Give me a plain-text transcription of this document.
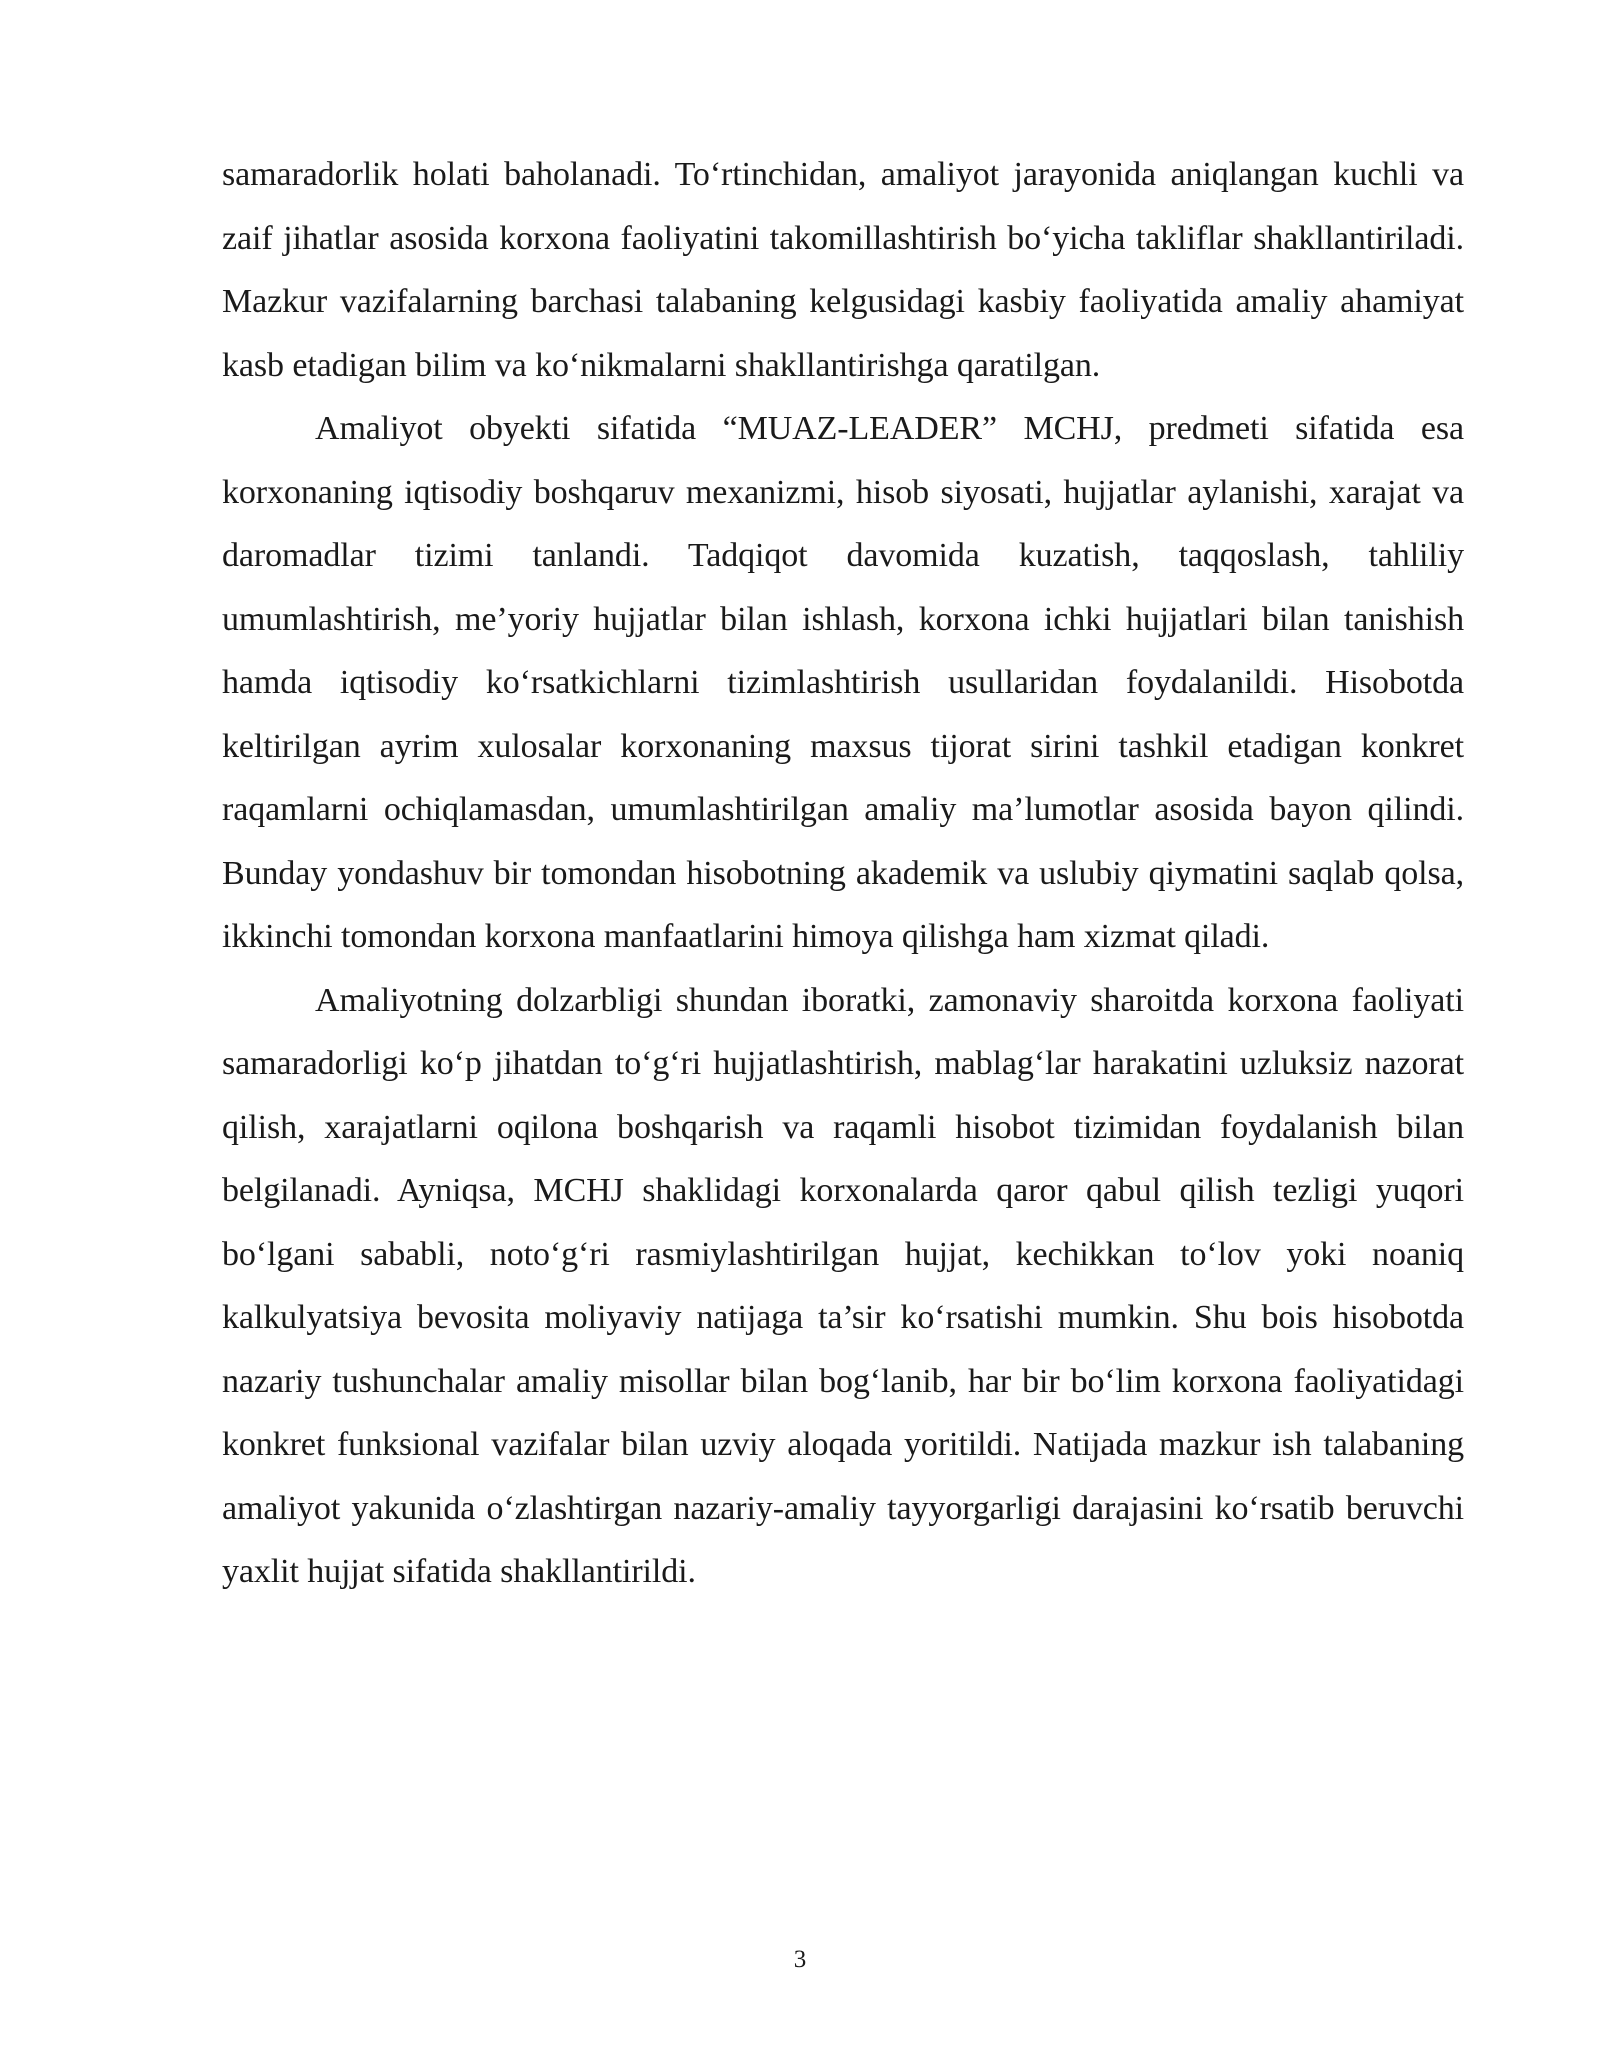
samaradorlik holati baholanadi. To‘rtinchidan, amaliyot jarayonida aniqlangan kuchli va zaif jihatlar asosida korxona faoliyatini takomillashtirish bo‘yicha takliflar shakllantiriladi. Mazkur vazifalarning barchasi talabaning kelgusidagi kasbiy faoliyatida amaliy ahamiyat kasb etadigan bilim va ko‘nikmalarni shakllantirishga qaratilgan.

Amaliyot obyekti sifatida “MUAZ-LEADER” MCHJ, predmeti sifatida esa korxonaning iqtisodiy boshqaruv mexanizmi, hisob siyosati, hujjatlar aylanishi, xarajat va daromadlar tizimi tanlandi. Tadqiqot davomida kuzatish, taqqoslash, tahliliy umumlashtirish, me’yoriy hujjatlar bilan ishlash, korxona ichki hujjatlari bilan tanishish hamda iqtisodiy ko‘rsatkichlarni tizimlashtirish usullaridan foydalanildi. Hisobotda keltirilgan ayrim xulosalar korxonaning maxsus tijorat sirini tashkil etadigan konkret raqamlarni ochiqlamasdan, umumlashtirilgan amaliy ma’lumotlar asosida bayon qilindi. Bunday yondashuv bir tomondan hisobotning akademik va uslubiy qiymatini saqlab qolsa, ikkinchi tomondan korxona manfaatlarini himoya qilishga ham xizmat qiladi.

Amaliyotning dolzarbligi shundan iboratki, zamonaviy sharoitda korxona faoliyati samaradorligi ko‘p jihatdan to‘g‘ri hujjatlashtirish, mablag‘lar harakatini uzluksiz nazorat qilish, xarajatlarni oqilona boshqarish va raqamli hisobot tizimidan foydalanish bilan belgilanadi. Ayniqsa, MCHJ shaklidagi korxonalarda qaror qabul qilish tezligi yuqori bo‘lgani sababli, noto‘g‘ri rasmiylashtirilgan hujjat, kechikkan to‘lov yoki noaniq kalkulyatsiya bevosita moliyaviy natijaga ta’sir ko‘rsatishi mumkin. Shu bois hisobotda nazariy tushunchalar amaliy misollar bilan bog‘lanib, har bir bo‘lim korxona faoliyatidagi konkret funksional vazifalar bilan uzviy aloqada yoritildi. Natijada mazkur ish talabaning amaliyot yakunida o‘zlashtirgan nazariy-amaliy tayyorgarligi darajasini ko‘rsatib beruvchi yaxlit hujjat sifatida shakllantirildi.

3
